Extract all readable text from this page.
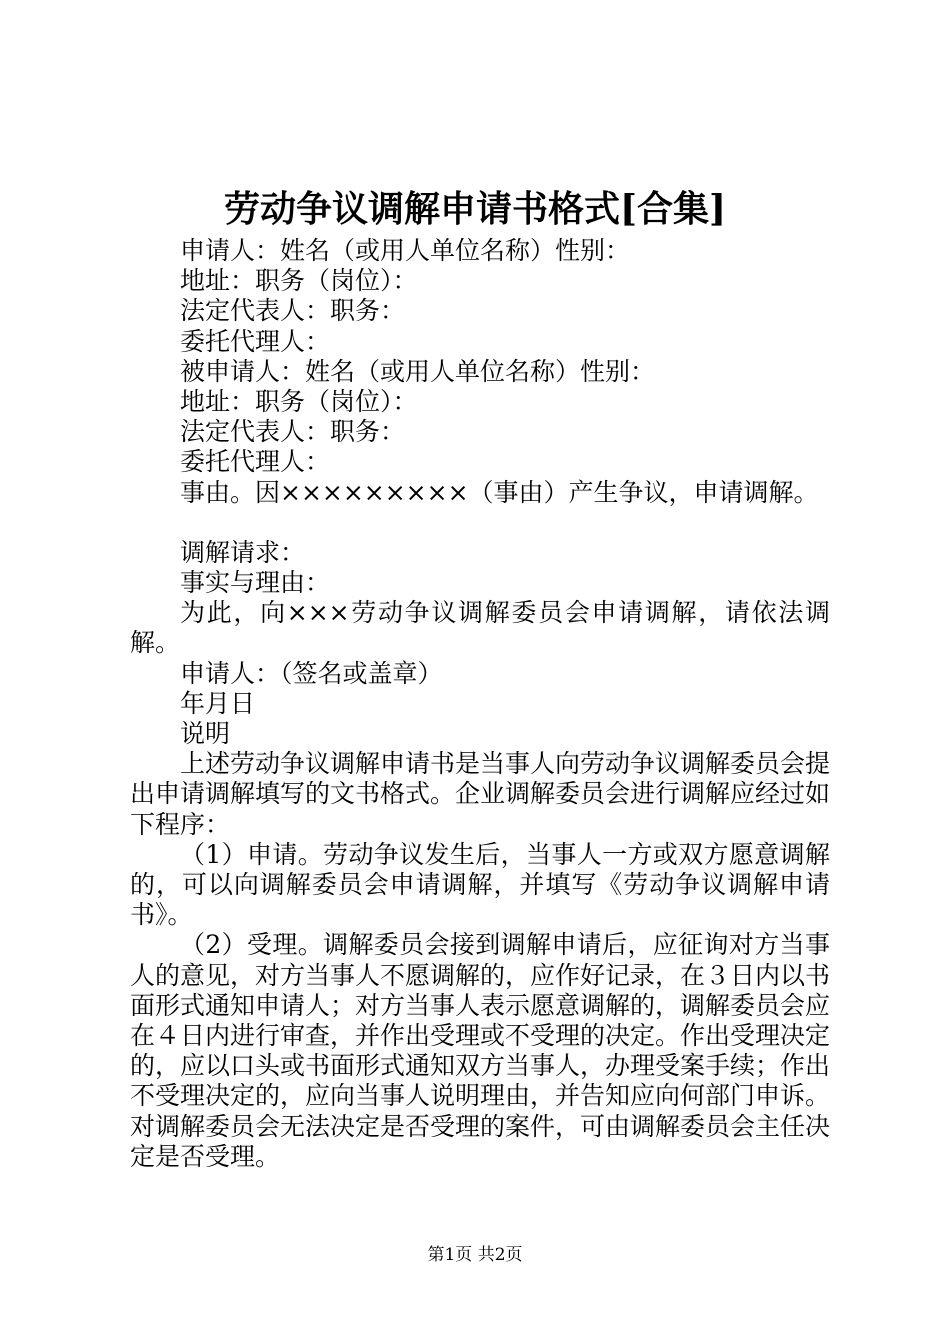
劳动争议调解申请书格式[合集]
申请人：姓名（或用人单位名称）性别：
地址：职务（岗位）：
法定代表人：职务：
委托代理人：
被申请人：姓名（或用人单位名称）性别：
地址：职务（岗位）：
法定代表人：职务：
委托代理人：
事由。因×××××××××（事由）产生争议，申请调解。
调解请求：
事实与理由：
为此，向×××劳动争议调解委员会申请调解，请依法调解。
申请人：（签名或盖章）
年月日
说明
上述劳动争议调解申请书是当事人向劳动争议调解委员会提出申请调解填写的文书格式。企业调解委员会进行调解应经过如下程序：
（1）申请。劳动争议发生后，当事人一方或双方愿意调解的，可以向调解委员会申请调解，并填写《劳动争议调解申请书》。
（2）受理。调解委员会接到调解申请后，应征询对方当事人的意见，对方当事人不愿调解的，应作好记录，在３日内以书面形式通知申请人；对方当事人表示愿意调解的，调解委员会应在４日内进行审查，并作出受理或不受理的决定。作出受理决定的，应以口头或书面形式通知双方当事人，办理受案手续；作出不受理决定的，应向当事人说明理由，并告知应向何部门申诉。对调解委员会无法决定是否受理的案件，可由调解委员会主任决定是否受理。
第1页 共2页
